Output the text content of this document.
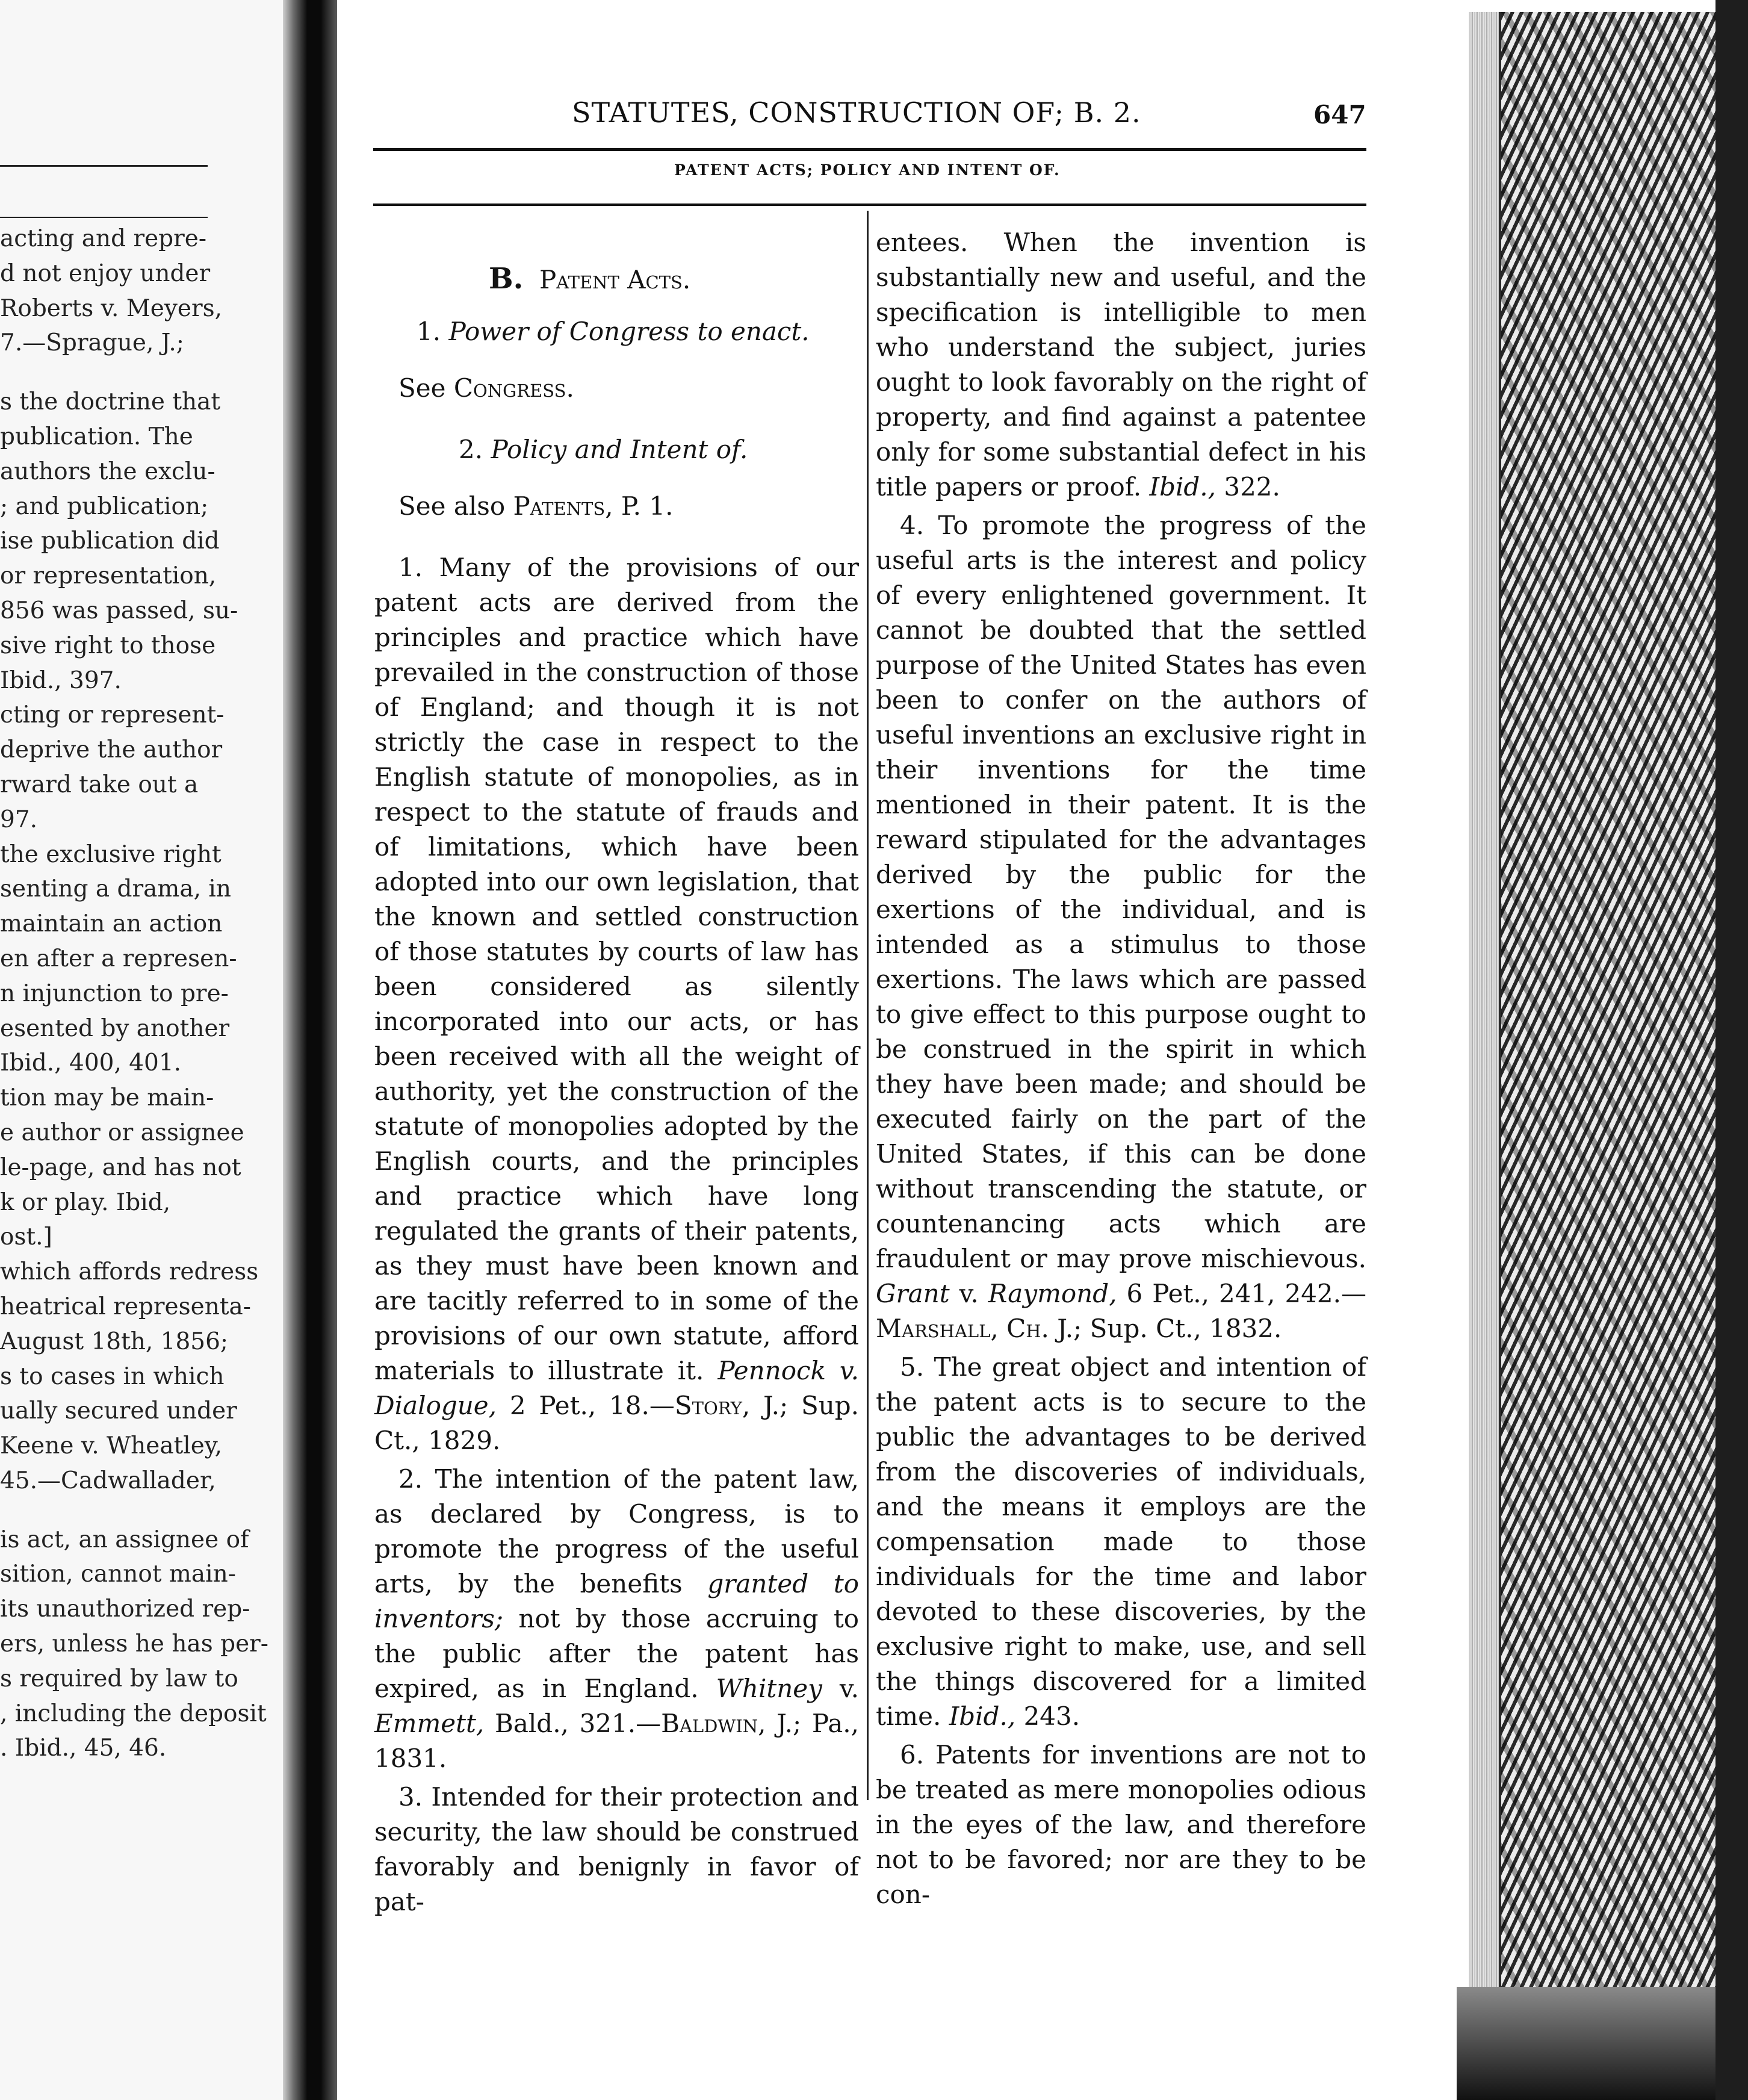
acting and repre-
d not enjoy under
Roberts v. Meyers,
7.—Sprague, J.;
s the doctrine that
publication. The
authors the exclu-
; and publication;
ise publication did
or representation,
856 was passed, su-
sive right to those
Ibid., 397.
cting or represent-
deprive the author
rward take out a
97.
the exclusive right
senting a drama, in
maintain an action
en after a represen-
n injunction to pre-
esented by another
Ibid., 400, 401.
tion may be main-
e author or assignee
le-page, and has not
k or play. Ibid,
ost.]
which affords redress
heatrical representa-
August 18th, 1856;
s to cases in which
ually secured under
Keene v. Wheatley,
45.—Cadwallader,
is act, an assignee of
sition, cannot main-
its unauthorized rep-
ers, unless he has per-
s required by law to
, including the deposit
. Ibid., 45, 46.
STATUTES, CONSTRUCTION OF; B. 2.	647
PATENT ACTS; POLICY AND INTENT OF.

B. Patent Acts.

1. Power of Congress to enact.

See Congress.

2. Policy and Intent of.

See also Patents, P. 1.

1. Many of the provisions of our patent acts are derived from the principles and practice which have prevailed in the construction of those of England; and though it is not strictly the case in respect to the English statute of monopolies, as in respect to the statute of frauds and of limitations, which have been adopted into our own legislation, that the known and settled construction of those statutes by courts of law has been considered as silently incorporated into our acts, or has been received with all the weight of authority, yet the construction of the statute of monopolies adopted by the English courts, and the principles and practice which have long regulated the grants of their patents, as they must have been known and are tacitly referred to in some of the provisions of our own statute, afford materials to illustrate it. Pennock v. Dialogue, 2 Pet., 18.—Story, J.; Sup. Ct., 1829.

2. The intention of the patent law, as declared by Congress, is to promote the progress of the useful arts, by the benefits granted to inventors; not by those accruing to the public after the patent has expired, as in England. Whitney v. Emmett, Bald., 321.—Baldwin, J.; Pa., 1831.

3. Intended for their protection and security, the law should be construed favorably and benignly in favor of pat-

entees. When the invention is substantially new and useful, and the specification is intelligible to men who understand the subject, juries ought to look favorably on the right of property, and find against a patentee only for some substantial defect in his title papers or proof. Ibid., 322.

4. To promote the progress of the useful arts is the interest and policy of every enlightened government. It cannot be doubted that the settled purpose of the United States has even been to confer on the authors of useful inventions an exclusive right in their inventions for the time mentioned in their patent. It is the reward stipulated for the advantages derived by the public for the exertions of the individual, and is intended as a stimulus to those exertions. The laws which are passed to give effect to this purpose ought to be construed in the spirit in which they have been made; and should be executed fairly on the part of the United States, if this can be done without transcending the statute, or countenancing acts which are fraudulent or may prove mischievous. Grant v. Raymond, 6 Pet., 241, 242.—Marshall, Ch. J.; Sup. Ct., 1832.

5. The great object and intention of the patent acts is to secure to the public the advantages to be derived from the discoveries of individuals, and the means it employs are the compensation made to those individuals for the time and labor devoted to these discoveries, by the exclusive right to make, use, and sell the things discovered for a limited time. Ibid., 243.

6. Patents for inventions are not to be treated as mere monopolies odious in the eyes of the law, and therefore not to be favored; nor are they to be con-
